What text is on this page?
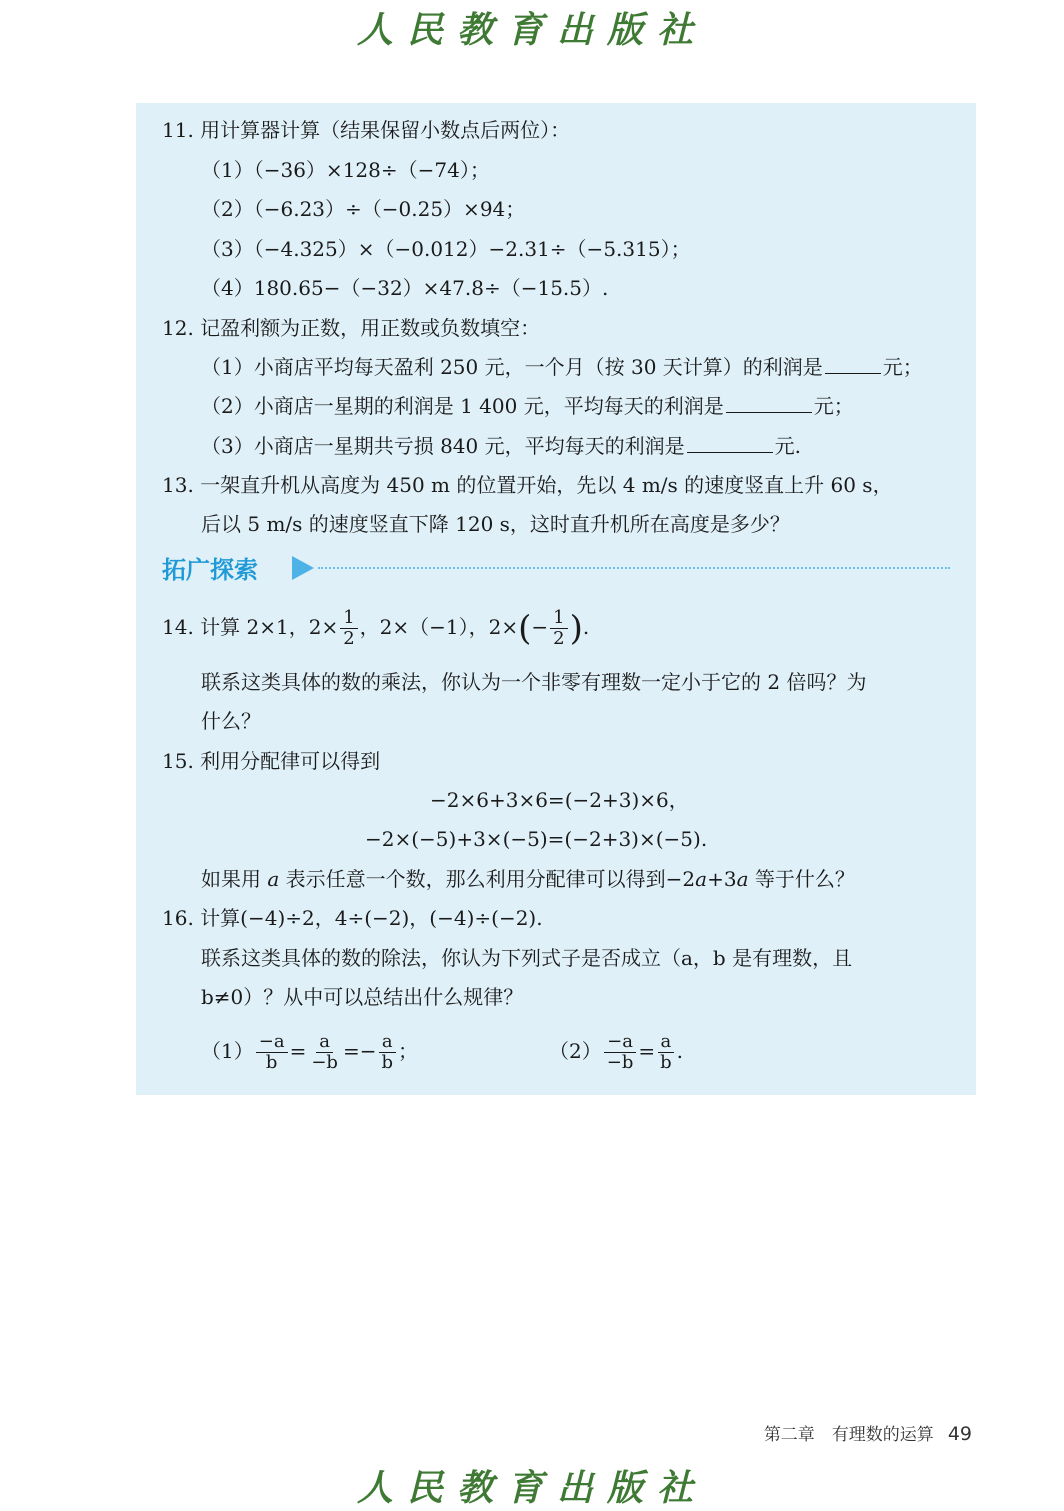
人民教育出版社
11. 用计算器计算（结果保留小数点后两位）：
（1）（−36）×128÷（−74）；
（2）（−6.23）÷（−0.25）×94；
（3）（−4.325）×（−0.012）−2.31÷（−5.315）；
（4）180.65−（−32）×47.8÷（−15.5）.
12. 记盈利额为正数，用正数或负数填空：
（1）小商店平均每天盈利 250 元，一个月（按 30 天计算）的利润是	元；
（2）小商店一星期的利润是 1 400 元，平均每天的利润是	元；
（3）小商店一星期共亏损 840 元，平均每天的利润是	元.
13. 一架直升机从高度为 450 m 的位置开始，先以 4 m/s 的速度竖直上升 60 s，
后以 5 m/s 的速度竖直下降 120 s，这时直升机所在高度是多少？
拓广探索
14. 计算 2×1，$2\times \frac{1}{2}$ ，2×（−1），$2\times(- \frac{1}{2}$ ).
联系这类具体的数的乘法，你认为一个非零有理数一定小于它的 2 倍吗？为
什么？
15. 利用分配律可以得到
−2×6+3×6=(−2+3)×6，
−2×(−5)+3×(−5)=(−2+3)×(−5).
如果用 a 表示任意一个数，那么利用分配律可以得到−2a+3a 等于什么？
16. 计算(−4)÷2，4÷(−2)，(−4)÷(−2).
联系这类具体的数的除法，你认为下列式子是否成立（a，b 是有理数，且
b≠0）？从中可以总结出什么规律？
$(1) \frac{-a}{b} = \frac{a}{-b} =- \frac{a}{b}$ ；	$(2) \frac{-a}{-b} = \frac{a}{b}$ .
第二章　有理数的运算 49
人民教育出版社
